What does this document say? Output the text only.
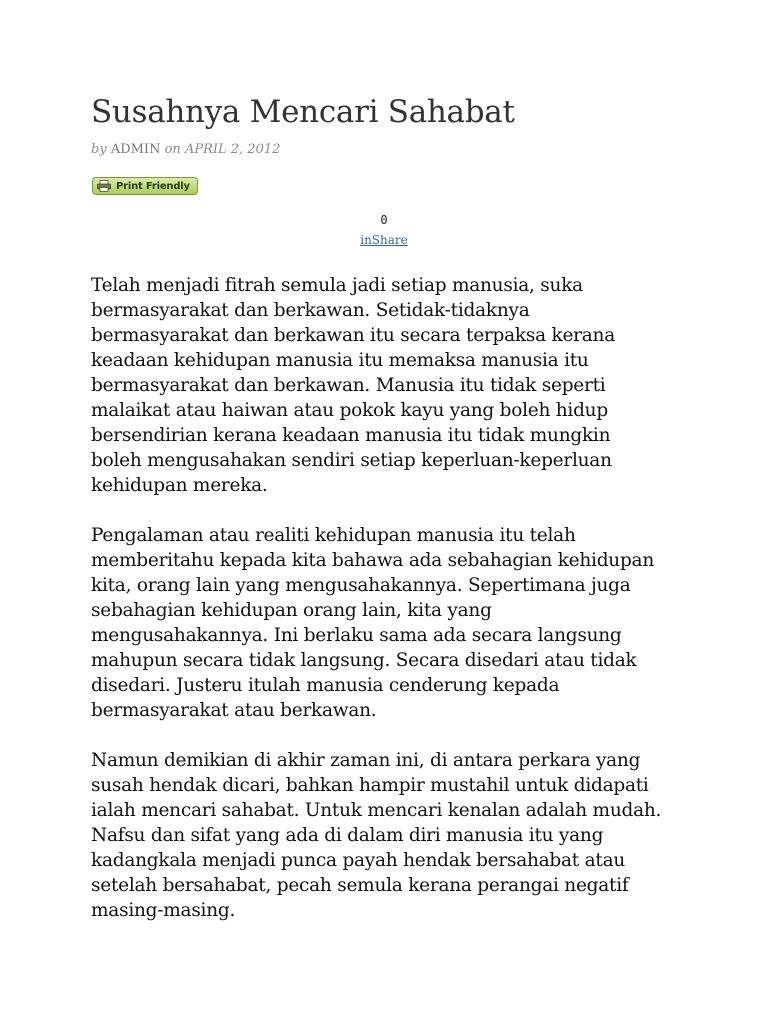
Susahnya Mencari Sahabat
by ADMIN on APRIL 2, 2012
Print Friendly
0
inShare

Telah menjadi fitrah semula jadi setiap manusia, suka
bermasyarakat dan berkawan. Setidak-tidaknya
bermasyarakat dan berkawan itu secara terpaksa kerana
keadaan kehidupan manusia itu memaksa manusia itu
bermasyarakat dan berkawan. Manusia itu tidak seperti
malaikat atau haiwan atau pokok kayu yang boleh hidup
bersendirian kerana keadaan manusia itu tidak mungkin
boleh mengusahakan sendiri setiap keperluan-keperluan
kehidupan mereka.

Pengalaman atau realiti kehidupan manusia itu telah
memberitahu kepada kita bahawa ada sebahagian kehidupan
kita, orang lain yang mengusahakannya. Sepertimana juga
sebahagian kehidupan orang lain, kita yang
mengusahakannya. Ini berlaku sama ada secara langsung
mahupun secara tidak langsung. Secara disedari atau tidak
disedari. Justeru itulah manusia cenderung kepada
bermasyarakat atau berkawan.

Namun demikian di akhir zaman ini, di antara perkara yang
susah hendak dicari, bahkan hampir mustahil untuk didapati
ialah mencari sahabat. Untuk mencari kenalan adalah mudah.
Nafsu dan sifat yang ada di dalam diri manusia itu yang
kadangkala menjadi punca payah hendak bersahabat atau
setelah bersahabat, pecah semula kerana perangai negatif
masing-masing.
